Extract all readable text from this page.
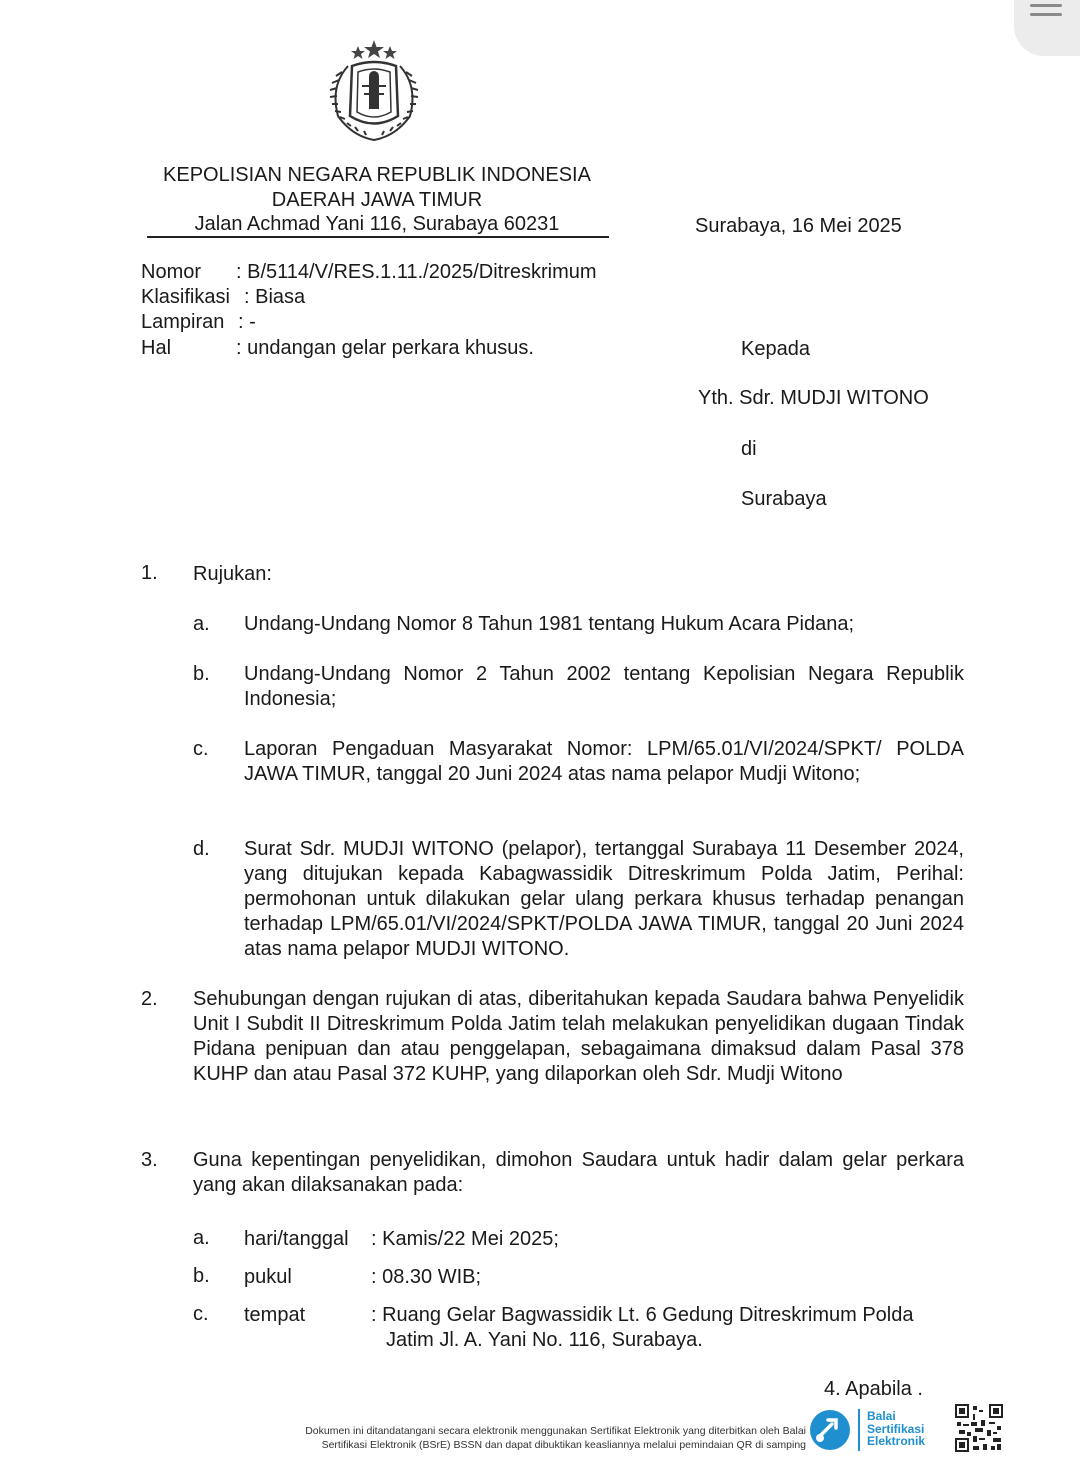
KEPOLISIAN NEGARA REPUBLIK INDONESIA
DAERAH JAWA TIMUR
Jalan Achmad Yani 116, Surabaya 60231	Surabaya, 16 Mei 2025
Nomor : B/5114/V/RES.1.11./2025/Ditreskrimum
Klasifikasi : Biasa
Lampiran : -
Hal	: undangan gelar perkara khusus.	Kepada
Yth. Sdr. MUDJI WITONO
di
Surabaya
1. Rujukan:
a. Undang-Undang Nomor 8 Tahun 1981 tentang Hukum Acara Pidana;
b. Undang-Undang Nomor 2 Tahun 2002 tentang Kepolisian Negara Republik Indonesia;
c. Laporan Pengaduan Masyarakat Nomor: LPM/65.01/VI/2024/SPKT/ POLDA JAWA TIMUR, tanggal 20 Juni 2024 atas nama pelapor Mudji Witono;
d. Surat Sdr. MUDJI WITONO (pelapor), tertanggal Surabaya 11 Desember 2024, yang ditujukan kepada Kabagwassidik Ditreskrimum Polda Jatim, Perihal: permohonan untuk dilakukan gelar ulang perkara khusus terhadap penangan terhadap LPM/65.01/VI/2024/SPKT/POLDA JAWA TIMUR, tanggal 20 Juni 2024 atas nama pelapor MUDJI WITONO.
2. Sehubungan dengan rujukan di atas, diberitahukan kepada Saudara bahwa Penyelidik Unit I Subdit II Ditreskrimum Polda Jatim telah melakukan penyelidikan dugaan Tindak Pidana penipuan dan atau penggelapan, sebagaimana dimaksud dalam Pasal 378 KUHP dan atau Pasal 372 KUHP, yang dilaporkan oleh Sdr. Mudji Witono
3. Guna kepentingan penyelidikan, dimohon Saudara untuk hadir dalam gelar perkara yang akan dilaksanakan pada:
a. hari/tanggal : Kamis/22 Mei 2025;
b. pukul	: 08.30 WIB;
c. tempat	: Ruang Gelar Bagwassidik Lt. 6 Gedung Ditreskrimum Polda
Jatim Jl. A. Yani No. 116, Surabaya.
4. Apabila .
Dokumen ini ditandatangani secara elektronik menggunakan Sertifikat Elektronik yang diterbitkan oleh Balai
Sertifikasi Elektronik (BSrE) BSSN dan dapat dibuktikan keasliannya melalui pemindaian QR di samping
Balai
Sertifikasi
Elektronik
